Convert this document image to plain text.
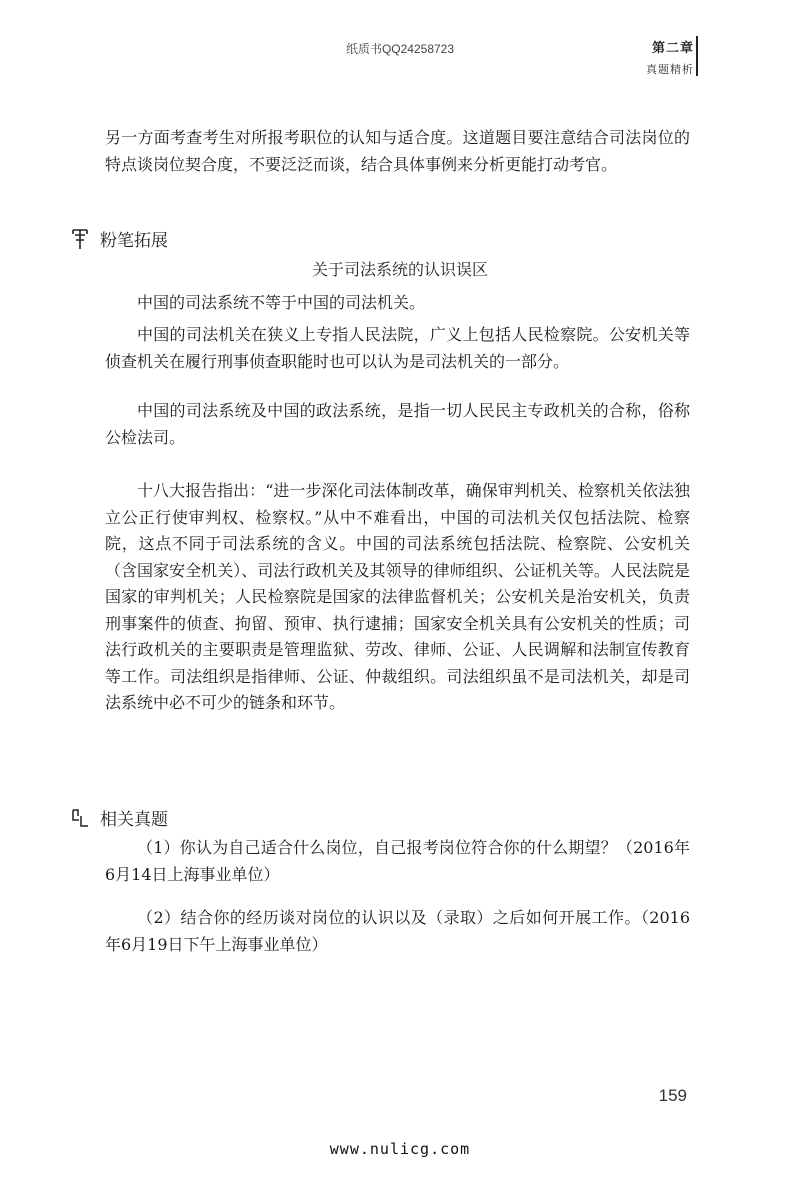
纸质书QQ24258723	第二章
真题精析

另一方面考查考生对所报考职位的认知与适合度。这道题目要注意结合司法岗位的特点谈岗位契合度，不要泛泛而谈，结合具体事例来分析更能打动考官。

粉笔拓展
关于司法系统的认识误区

中国的司法系统不等于中国的司法机关。

中国的司法机关在狭义上专指人民法院，广义上包括人民检察院。公安机关等侦查机关在履行刑事侦查职能时也可以认为是司法机关的一部分。

中国的司法系统及中国的政法系统，是指一切人民民主专政机关的合称，俗称公检法司。

十八大报告指出：“进一步深化司法体制改革，确保审判机关、检察机关依法独立公正行使审判权、检察权。”从中不难看出，中国的司法机关仅包括法院、检察院，这点不同于司法系统的含义。中国的司法系统包括法院、检察院、公安机关（含国家安全机关）、司法行政机关及其领导的律师组织、公证机关等。人民法院是国家的审判机关；人民检察院是国家的法律监督机关；公安机关是治安机关，负责刑事案件的侦查、拘留、预审、执行逮捕；国家安全机关具有公安机关的性质；司法行政机关的主要职责是管理监狱、劳改、律师、公证、人民调解和法制宣传教育等工作。司法组织是指律师、公证、仲裁组织。司法组织虽不是司法机关，却是司法系统中必不可少的链条和环节。

相关真题

（1）你认为自己适合什么岗位，自己报考岗位符合你的什么期望？（2016年6月14日上海事业单位）

（2）结合你的经历谈对岗位的认识以及（录取）之后如何开展工作。（2016年6月19日下午上海事业单位）

159
www.nulicg.com
